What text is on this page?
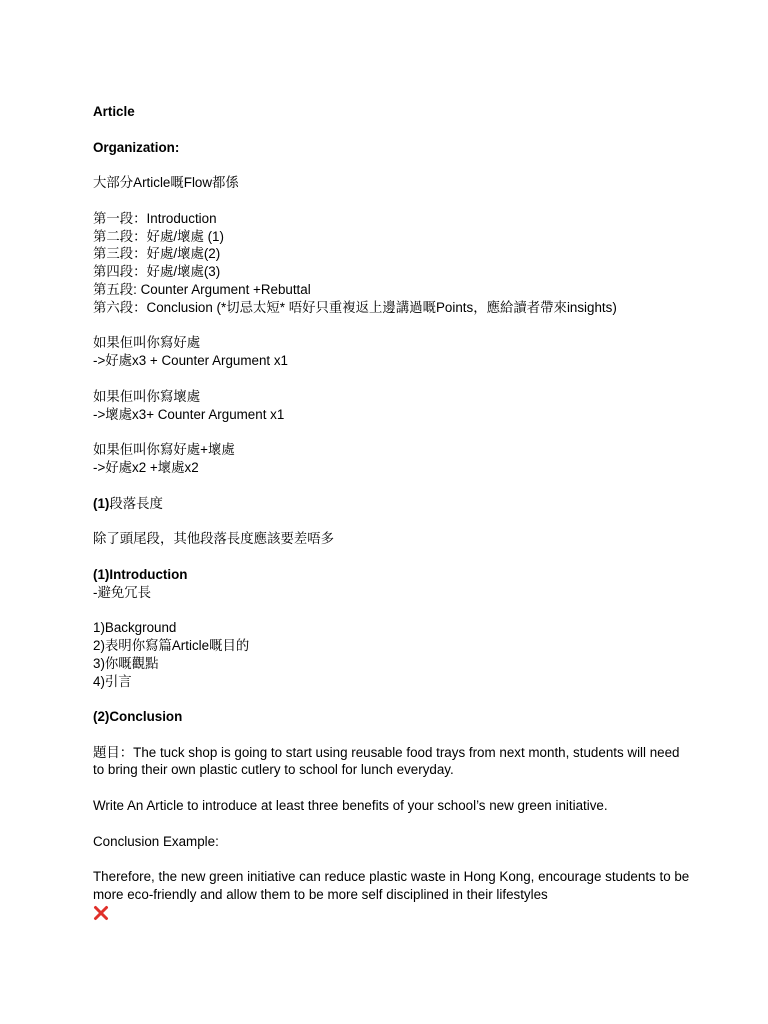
Article
Organization:
大部分Article嘅Flow都係
第一段：Introduction
第二段：好處/壞處 (1)
第三段：好處/壞處(2)
第四段：好處/壞處(3)
第五段: Counter Argument +Rebuttal
第六段：Conclusion (*切忌太短* 唔好只重複返上邊講過嘅Points，應給讀者帶來insights)
如果佢叫你寫好處
->好處x3 + Counter Argument x1
如果佢叫你寫壞處
->壞處x3+ Counter Argument x1
如果佢叫你寫好處+壞處
->好處x2 +壞處x2
(1)段落長度
除了頭尾段，其他段落長度應該要差唔多
(1)Introduction
-避免冗長
1)Background
2)表明你寫篇Article嘅目的
3)你嘅觀點
4)引言
(2)Conclusion
題目：The tuck shop is going to start using reusable food trays from next month, students will need to bring their own plastic cutlery to school for lunch everyday.
Write An Article to introduce at least three benefits of your school’s new green initiative.
Conclusion Example:
Therefore, the new green initiative can reduce plastic waste in Hong Kong, encourage students to be more eco-friendly and allow them to be more self disciplined in their lifestyles
